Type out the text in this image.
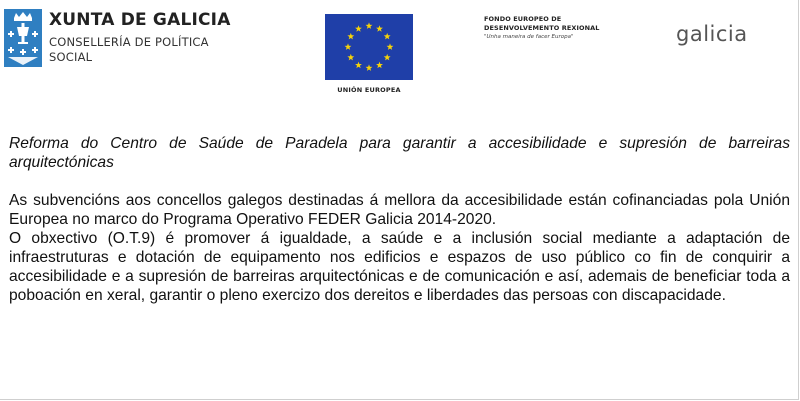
XUNTA DE GALICIA
CONSELLERÍA DE POLÍTICA
SOCIAL
UNIÓN EUROPEA
FONDO EUROPEO DE
DESENVOLVEMENTO REXIONAL
"Unha maneira de facer Europa"	galicia

Reforma do Centro de Saúde de Paradela para garantir a accesibilidade e supresión de barreiras arquitectónicas

As subvencións aos concellos galegos destinadas á mellora da accesibilidade están cofinanciadas pola Unión Europea no marco do Programa Operativo FEDER Galicia 2014-2020.

O obxectivo (O.T.9) é promover á igualdade, a saúde e a inclusión social mediante a adaptación de infraestruturas e dotación de equipamento nos edificios e espazos de uso público co fin de conquirir a accesibilidade e a supresión de barreiras arquitectónicas e de comunicación e así, ademais de beneficiar toda a poboación en xeral, garantir o pleno exercizo dos dereitos e liberdades das persoas con discapacidade.
